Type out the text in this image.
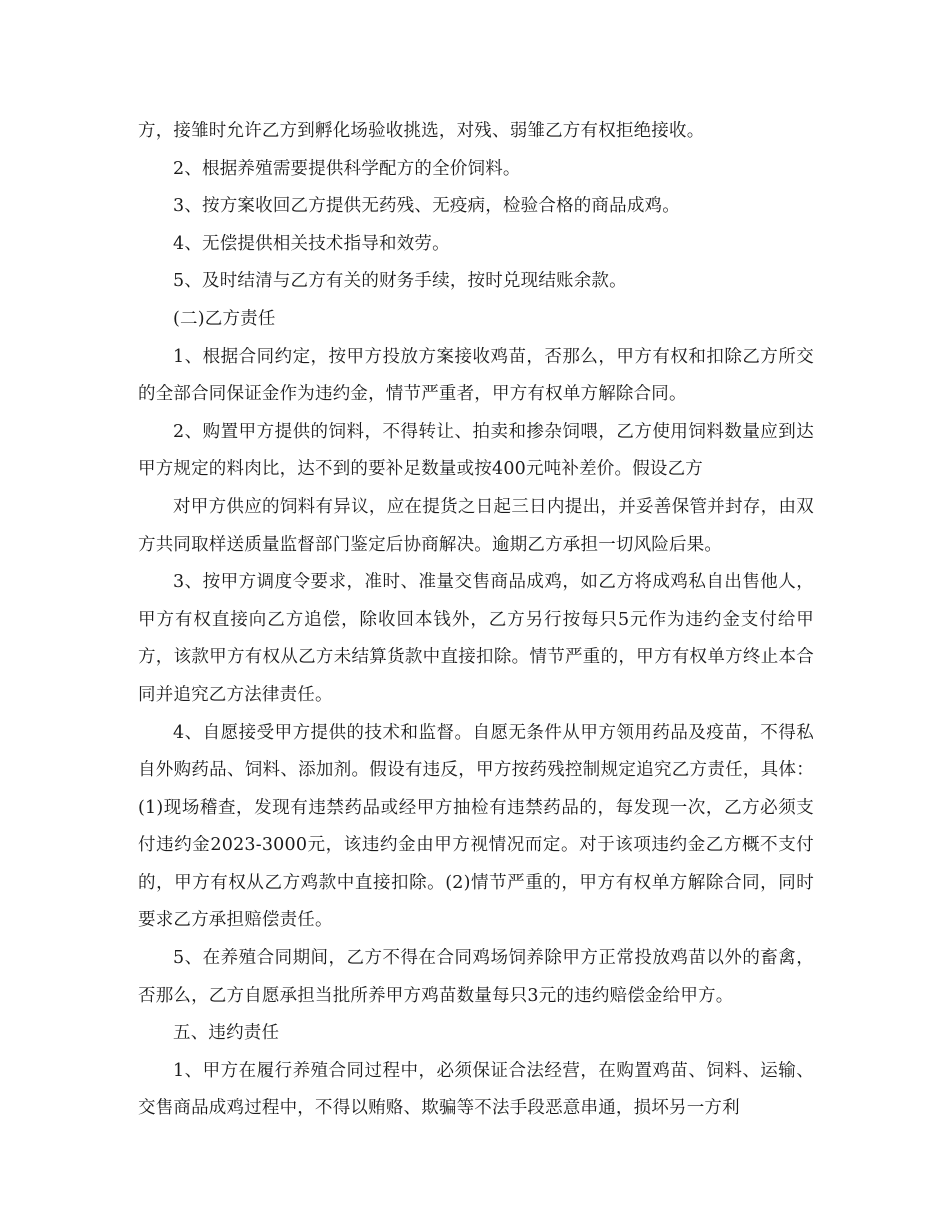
方，接雏时允许乙方到孵化场验收挑选，对残、弱雏乙方有权拒绝接收。

2、根据养殖需要提供科学配方的全价饲料。

3、按方案收回乙方提供无药残、无疫病，检验合格的商品成鸡。

4、无偿提供相关技术指导和效劳。

5、及时结清与乙方有关的财务手续，按时兑现结账余款。

(二)乙方责任

1、根据合同约定，按甲方投放方案接收鸡苗，否那么，甲方有权和扣除乙方所交的全部合同保证金作为违约金，情节严重者，甲方有权单方解除合同。

2、购置甲方提供的饲料，不得转让、拍卖和掺杂饲喂，乙方使用饲料数量应到达甲方规定的料肉比，达不到的要补足数量或按400元吨补差价。假设乙方

对甲方供应的饲料有异议，应在提货之日起三日内提出，并妥善保管并封存，由双方共同取样送质量监督部门鉴定后协商解决。逾期乙方承担一切风险后果。

3、按甲方调度令要求，准时、准量交售商品成鸡，如乙方将成鸡私自出售他人，甲方有权直接向乙方追偿，除收回本钱外，乙方另行按每只5元作为违约金支付给甲方，该款甲方有权从乙方未结算货款中直接扣除。情节严重的，甲方有权单方终止本合同并追究乙方法律责任。

4、自愿接受甲方提供的技术和监督。自愿无条件从甲方领用药品及疫苗，不得私自外购药品、饲料、添加剂。假设有违反，甲方按药残控制规定追究乙方责任，具体：(1)现场稽查，发现有违禁药品或经甲方抽检有违禁药品的，每发现一次，乙方必须支付违约金2023-3000元，该违约金由甲方视情况而定。对于该项违约金乙方概不支付的，甲方有权从乙方鸡款中直接扣除。(2)情节严重的，甲方有权单方解除合同，同时要求乙方承担赔偿责任。

5、在养殖合同期间，乙方不得在合同鸡场饲养除甲方正常投放鸡苗以外的畜禽，否那么，乙方自愿承担当批所养甲方鸡苗数量每只3元的违约赔偿金给甲方。

五、违约责任

1、甲方在履行养殖合同过程中，必须保证合法经营，在购置鸡苗、饲料、运输、交售商品成鸡过程中，不得以贿赂、欺骗等不法手段恶意串通，损坏另一方利
